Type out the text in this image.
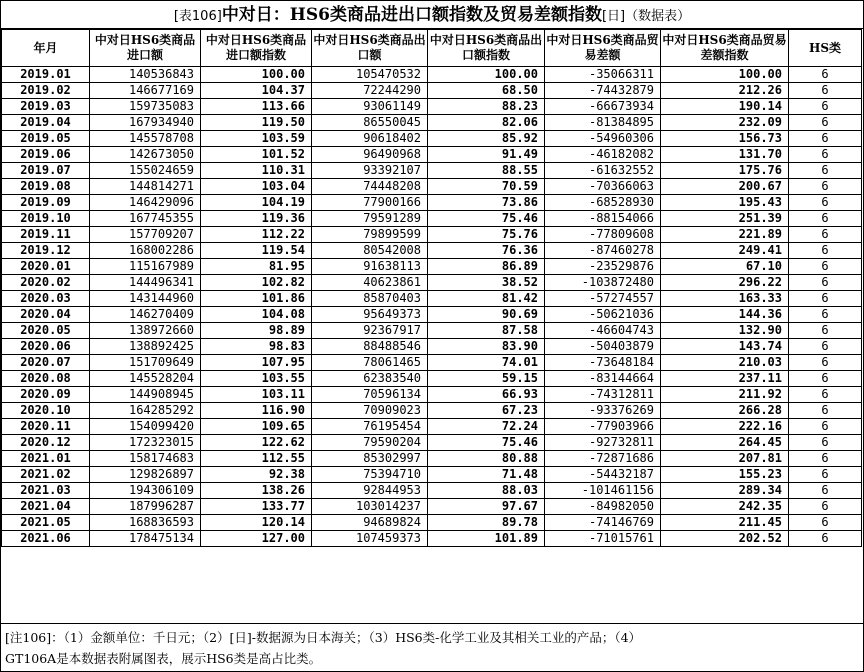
[表106]中对日：HS6类商品进出口额指数及贸易差额指数[日]（数据表）
年月	中对日HS6类商品进口额	中对日HS6类商品进口额指数	中对日HS6类商品出口额	中对日HS6类商品出口额指数	中对日HS6类商品贸易差额	中对日HS6类商品贸易差额指数	HS类
2019.01	140536843	100.00	105470532	100.00	-35066311	100.00	6
2019.02	146677169	104.37	72244290	68.50	-74432879	212.26	6
2019.03	159735083	113.66	93061149	88.23	-66673934	190.14	6
2019.04	167934940	119.50	86550045	82.06	-81384895	232.09	6
2019.05	145578708	103.59	90618402	85.92	-54960306	156.73	6
2019.06	142673050	101.52	96490968	91.49	-46182082	131.70	6
2019.07	155024659	110.31	93392107	88.55	-61632552	175.76	6
2019.08	144814271	103.04	74448208	70.59	-70366063	200.67	6
2019.09	146429096	104.19	77900166	73.86	-68528930	195.43	6
2019.10	167745355	119.36	79591289	75.46	-88154066	251.39	6
2019.11	157709207	112.22	79899599	75.76	-77809608	221.89	6
2019.12	168002286	119.54	80542008	76.36	-87460278	249.41	6
2020.01	115167989	81.95	91638113	86.89	-23529876	67.10	6
2020.02	144496341	102.82	40623861	38.52	-103872480	296.22	6
2020.03	143144960	101.86	85870403	81.42	-57274557	163.33	6
2020.04	146270409	104.08	95649373	90.69	-50621036	144.36	6
2020.05	138972660	98.89	92367917	87.58	-46604743	132.90	6
2020.06	138892425	98.83	88488546	83.90	-50403879	143.74	6
2020.07	151709649	107.95	78061465	74.01	-73648184	210.03	6
2020.08	145528204	103.55	62383540	59.15	-83144664	237.11	6
2020.09	144908945	103.11	70596134	66.93	-74312811	211.92	6
2020.10	164285292	116.90	70909023	67.23	-93376269	266.28	6
2020.11	154099420	109.65	76195454	72.24	-77903966	222.16	6
2020.12	172323015	122.62	79590204	75.46	-92732811	264.45	6
2021.01	158174683	112.55	85302997	80.88	-72871686	207.81	6
2021.02	129826897	92.38	75394710	71.48	-54432187	155.23	6
2021.03	194306109	138.26	92844953	88.03	-101461156	289.34	6
2021.04	187996287	133.77	103014237	97.67	-84982050	242.35	6
2021.05	168836593	120.14	94689824	89.78	-74146769	211.45	6
2021.06	178475134	127.00	107459373	101.89	-71015761	202.52	6
[注106]：（1）金额单位：千日元；（2）[日]-数据源为日本海关；（3）HS6类-化学工业及其相关工业的产品；（4）
GT106A是本数据表附属图表，展示HS6类是高占比类。
